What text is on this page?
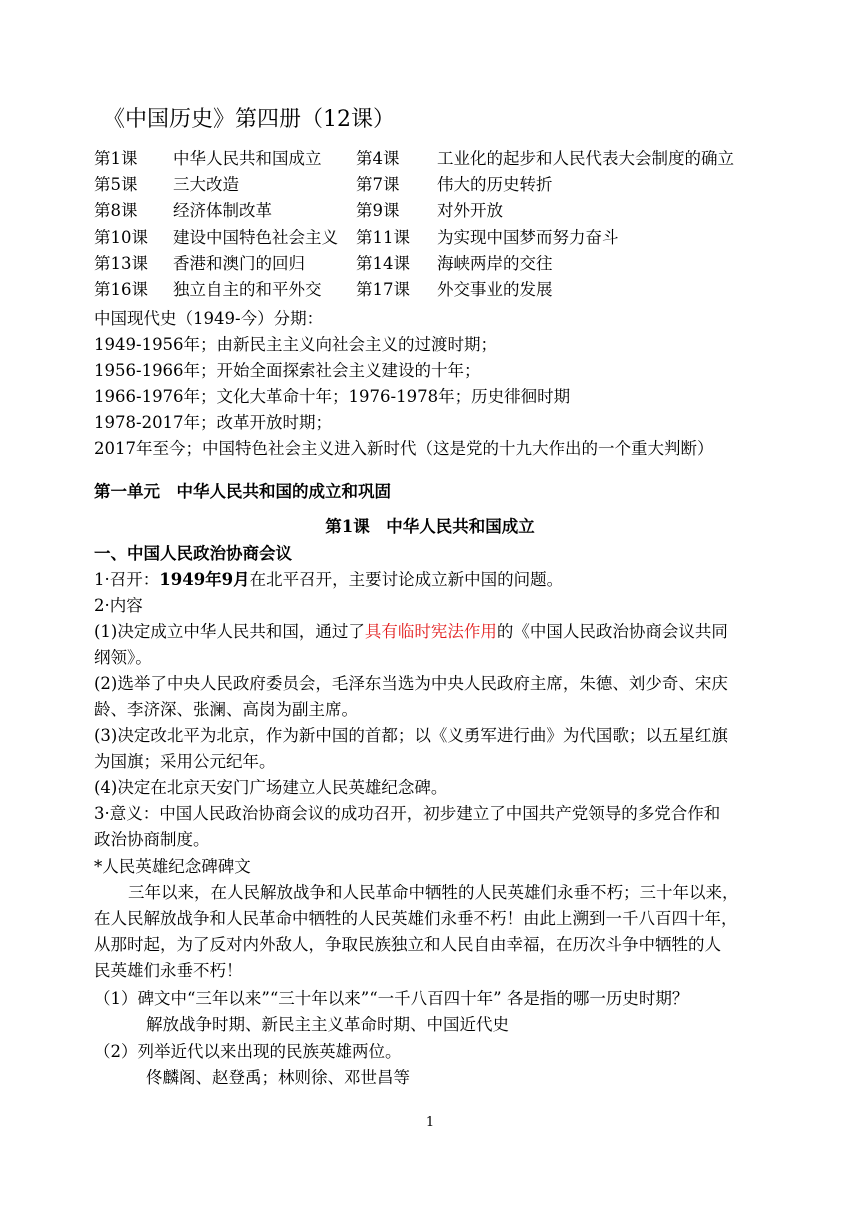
《中国历史》第四册（12课）
第1课 中华人民共和国成立 第4课 工业化的起步和人民代表大会制度的确立
第5课 三大改造	第7课 伟大的历史转折
第8课 经济体制改革	第9课 对外开放
第10课 建设中国特色社会主义 第11课 为实现中国梦而努力奋斗
第13课 香港和澳门的回归	第14课 海峡两岸的交往
第16课 独立自主的和平外交 第17课 外交事业的发展
中国现代史（1949-今）分期：
1949-1956年；由新民主主义向社会主义的过渡时期；
1956-1966年；开始全面探索社会主义建设的十年；
1966-1976年；文化大革命十年；1976-1978年；历史徘徊时期
1978-2017年；改革开放时期；
2017年至今；中国特色社会主义进入新时代（这是党的十九大作出的一个重大判断）
第一单元　中华人民共和国的成立和巩固
第1课　中华人民共和国成立
一、中国人民政治协商会议
1·召开：1949年9月在北平召开，主要讨论成立新中国的问题。
2·内容
(1)决定成立中华人民共和国，通过了具有临时宪法作用的《中国人民政治协商会议共同
纲领》。
(2)选举了中央人民政府委员会，毛泽东当选为中央人民政府主席，朱德、刘少奇、宋庆
龄、李济深、张澜、高岗为副主席。
(3)决定改北平为北京，作为新中国的首都；以《义勇军进行曲》为代国歌；以五星红旗
为国旗；采用公元纪年。
(4)决定在北京天安门广场建立人民英雄纪念碑。
3·意义：中国人民政治协商会议的成功召开，初步建立了中国共产党领导的多党合作和
政治协商制度。
*人民英雄纪念碑碑文
三年以来，在人民解放战争和人民革命中牺牲的人民英雄们永垂不朽；三十年以来，
在人民解放战争和人民革命中牺牲的人民英雄们永垂不朽！由此上溯到一千八百四十年，
从那时起，为了反对内外敌人，争取民族独立和人民自由幸福，在历次斗争中牺牲的人
民英雄们永垂不朽！
（1）碑文中“三年以来”“三十年以来”“一千八百四十年” 各是指的哪一历史时期？
解放战争时期、新民主主义革命时期、中国近代史
（2）列举近代以来出现的民族英雄两位。
佟麟阁、赵登禹；林则徐、邓世昌等
1
